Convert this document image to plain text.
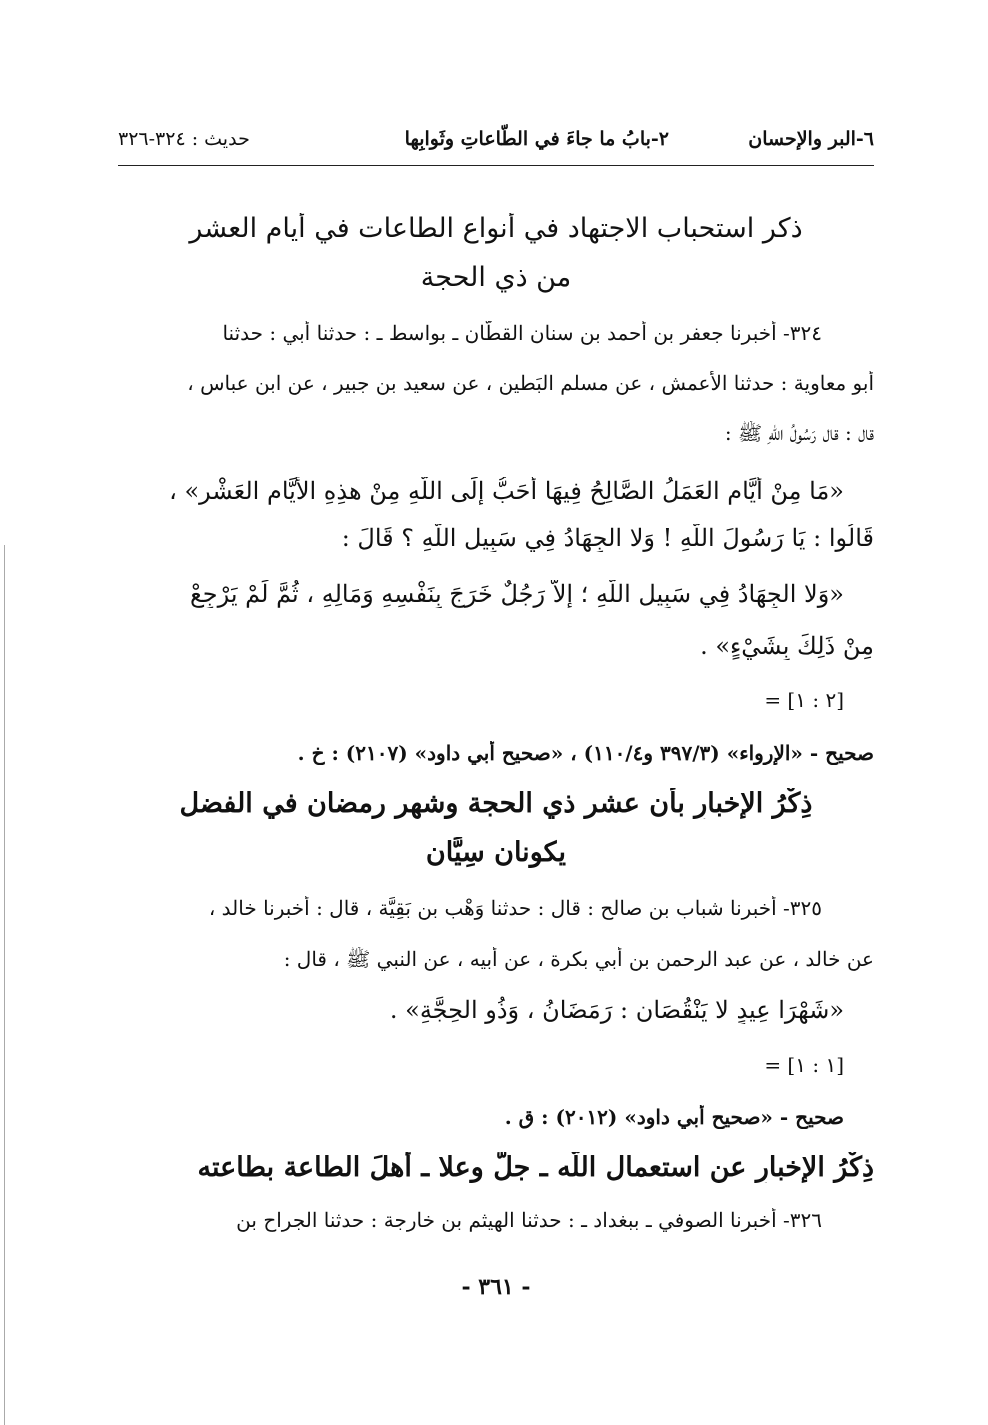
٦-البر والإحسان
٢-بابُ ما جاءَ في الطّاعاتِ وثَوابِها
حديث : ٣٢٤-٣٢٦
ذكر استحباب الاجتهاد في أنواع الطاعات في أيام العشر
من ذي الحجة
٣٢٤- أخبرنا جعفر بن أحمد بن سنان القطَّان ـ بواسط ـ : حدثنا أبي : حدثنا
أبو معاوية : حدثنا الأعمش ، عن مسلم البَطين ، عن سعيد بن جبير ، عن ابن عباس ،
قال : قال رَسُولُ اللّهِ ﷺ :
«مَا مِنْ أَيَّامٍ العَمَلُ الصَّالِحُ فِيهَا أَحَبُّ إِلَى اللّهِ مِنْ هذِهِ الأَيَّامِ العَشْرِ» ،
قَالُوا : يَا رَسُولَ اللّهِ ! وَلا الجِهَادُ فِي سَبِيلِ اللّهِ ؟ قَالَ :
«وَلا الجِهَادُ فِي سَبِيلِ اللّهِ ؛ إِلاَّ رَجُلٌ خَرَجَ بِنَفْسِهِ وَمَالِهِ ، ثُمَّ لَمْ يَرْجِعْ
مِنْ ذَلِكَ بِشَيْءٍ» .
[٢ : ١] =
صحيح - «الإرواء» (٣٩٧/٣ و١١٠/٤) ، «صحيح أبي داود» (٢١٠٧) : خ .
ذِكْرُ الإخبارِ بأن عشر ذي الحجة وشهر رمضان في الفضل
يكونان سِيَّان
٣٢٥- أخبرنا شباب بن صالح : قال : حدثنا وَهْب بن بَقِيَّة ، قال : أخبرنا خالد ،
عن خالد ، عن عبد الرحمن بن أبي بكرة ، عن أبيه ، عن النبي ﷺ ، قال :
«شَهْرَا عِيدٍ لا يَنْقُصَانِ : رَمَضَانُ ، وَذُو الحِجَّةِ» .
[١ : ١] =
صحيح - «صحيح أبي داود» (٢٠١٢) : ق .
ذِكْرُ الإخبارِ عن استعمال اللّه ـ جلَّ وعلا ـ أهلَ الطاعة بطاعته
٣٢٦- أخبرنا الصوفي ـ ببغداد ـ : حدثنا الهيثم بن خارجة : حدثنا الجراح بن
- ٣٦١ -
